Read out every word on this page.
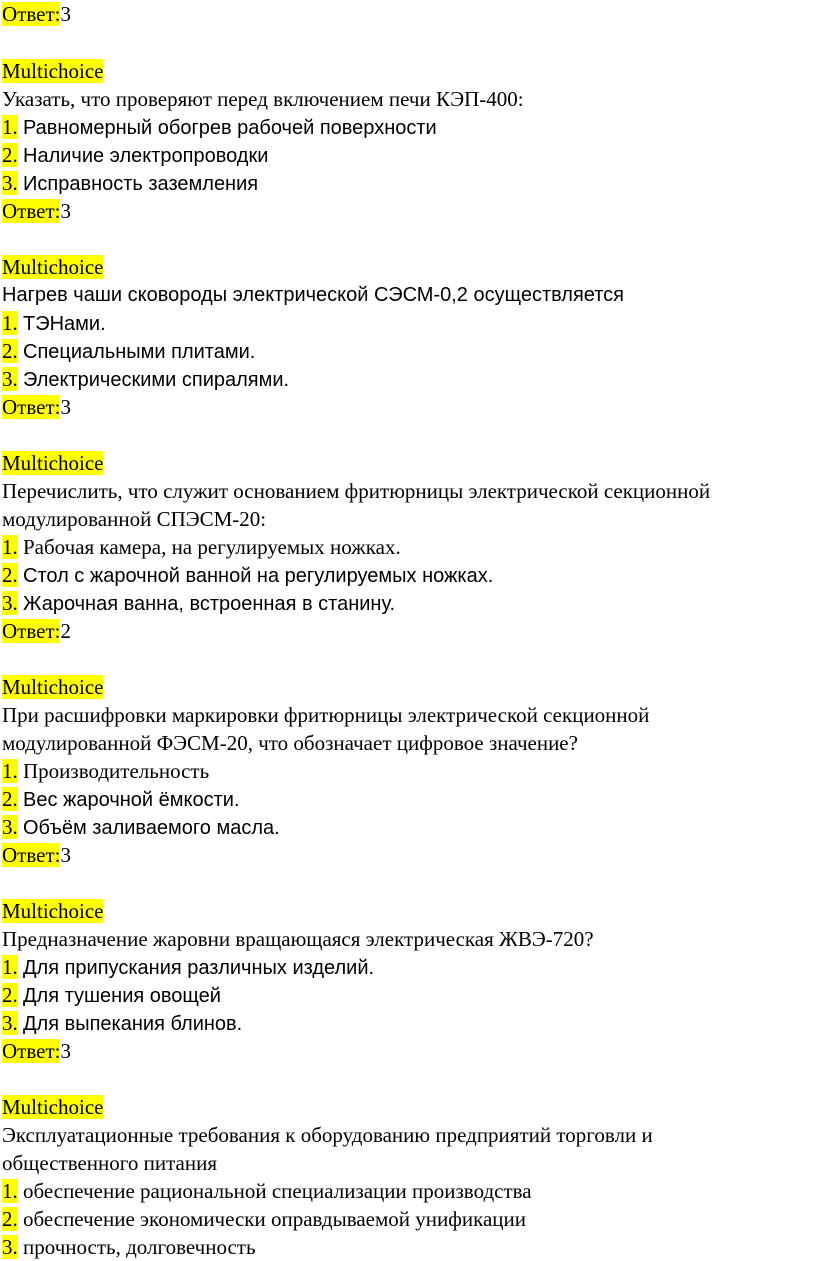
Ответ:3
Multichoice
Указать, что проверяют перед включением печи КЭП-400:
1. Равномерный обогрев рабочей поверхности
2. Наличие электропроводки
3. Исправность заземления
Ответ:3
Multichoice
Нагрев чаши сковороды электрической СЭСМ-0,2 осуществляется
1. ТЭНами.
2. Специальными плитами.
3. Электрическими спиралями.
Ответ:3
Multichoice
Перечислить, что служит основанием фритюрницы электрической секционной
модулированной СПЭСМ-20:
1. Рабочая камера, на регулируемых ножках.
2. Стол с жарочной ванной на регулируемых ножках.
3. Жарочная ванна, встроенная в станину.
Ответ:2
Multichoice
При расшифровки маркировки фритюрницы электрической секционной
модулированной ФЭСМ-20, что обозначает цифровое значение?
1. Производительность
2. Вес жарочной ёмкости.
3. Объём заливаемого масла.
Ответ:3
Multichoice
Предназначение жаровни вращающаяся электрическая ЖВЭ-720?
1. Для припускания различных изделий.
2. Для тушения овощей
3. Для выпекания блинов.
Ответ:3
Multichoice
Эксплуатационные требования к оборудованию предприятий торговли и
общественного питания
1. обеспечение рациональной специализации производства
2. обеспечение экономически оправдываемой унификации
3. прочность, долговечность
